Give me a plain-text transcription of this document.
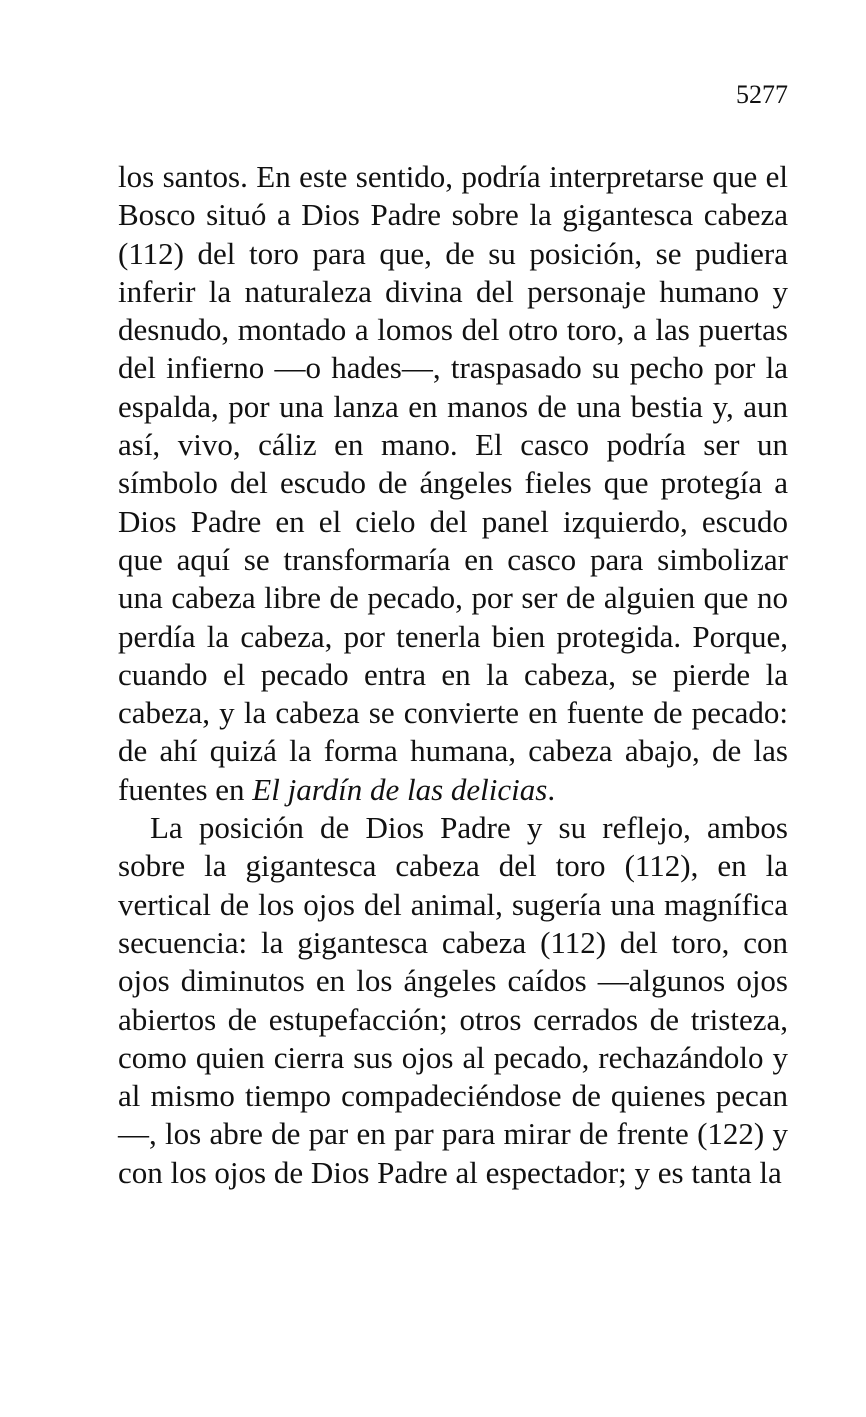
5277

los santos. En este sentido, podría interpretarse que el Bosco situó a Dios Padre sobre la gigantesca cabeza (112) del toro para que, de su posición, se pudiera inferir la naturaleza divina del personaje humano y desnudo, montado a lomos del otro toro, a las puertas del infierno —o hades—, traspasado su pecho por la espalda, por una lanza en manos de una bestia y, aun así, vivo, cáliz en mano. El casco podría ser un símbolo del escudo de ángeles fieles que protegía a Dios Padre en el cielo del panel izquierdo, escudo que aquí se transformaría en casco para simbolizar una cabeza libre de pecado, por ser de alguien que no perdía la cabeza, por tenerla bien protegida. Porque, cuando el pecado entra en la cabeza, se pierde la cabeza, y la cabeza se convierte en fuente de pecado: de ahí quizá la forma humana, cabeza abajo, de las fuentes en El jardín de las delicias.

La posición de Dios Padre y su reflejo, ambos sobre la gigantesca cabeza del toro (112), en la vertical de los ojos del animal, sugería una magnífica secuencia: la gigantesca cabeza (112) del toro, con ojos diminutos en los ángeles caídos —algunos ojos abiertos de estupefacción; otros cerrados de tristeza, como quien cierra sus ojos al pecado, rechazándolo y al mismo tiempo compadeciéndose de quienes pecan—, los abre de par en par para mirar de frente (122) y con los ojos de Dios Padre al espectador; y es tanta la
